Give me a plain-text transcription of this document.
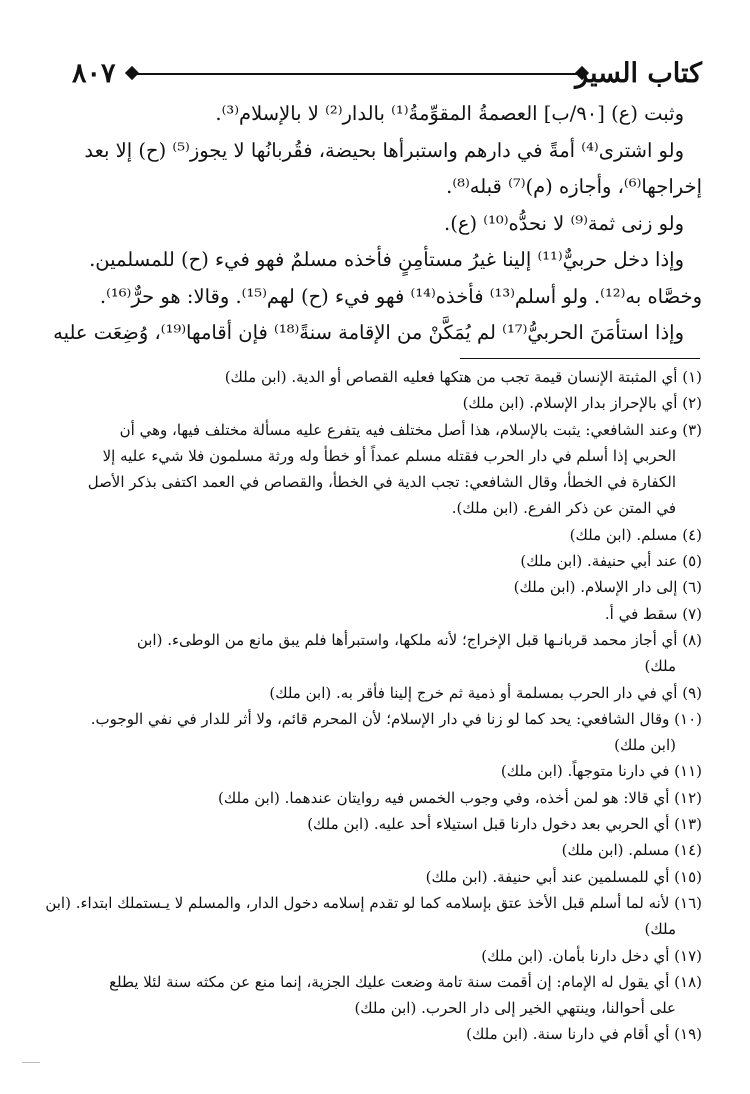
٨٠٧	كتاب السير
وثبت (ع) [٩٠/ب] العصمةُ المقوِّمةُ⁽¹⁾ بالدار⁽²⁾ لا بالإسلام⁽³⁾.
ولو اشترى⁽⁴⁾ أمةً في دارهم واستبرأها بحيضة، فقُربانُها لا يجوز⁽⁵⁾ (ح) إلا بعد
إخراجها⁽⁶⁾، وأجازه (م)⁽⁷⁾ قبله⁽⁸⁾.
ولو زنى ثمة⁽⁹⁾ لا نحدُّه⁽¹⁰⁾ (ع).
وإذا دخل حربيٌّ⁽¹¹⁾ إلينا غيرُ مستأمِنٍ فأخذه مسلمٌ فهو فيء (ح) للمسلمين.
وخصَّاه به⁽¹²⁾. ولو أسلم⁽¹³⁾ فأخذه⁽¹⁴⁾ فهو فيء (ح) لهم⁽¹⁵⁾. وقالا: هو حرٌّ⁽¹⁶⁾.
وإذا استأمَنَ الحربيُّ⁽¹⁷⁾ لم يُمَكَّنْ من الإقامة سنةً⁽¹⁸⁾ فإن أقامها⁽¹⁹⁾، وُضِعَت عليه
(١) أي المثبتة الإنسان قيمة تجب من هتكها فعليه القصاص أو الدية. (ابن ملك)
(٢) أي بالإحراز بدار الإسلام. (ابن ملك)
(٣) وعند الشافعي: يثبت بالإسلام، هذا أصل مختلف فيه يتفرع عليه مسألة مختلف فيها، وهي أن
الحربي إذا أسلم في دار الحرب فقتله مسلم عمداً أو خطأ وله ورثة مسلمون فلا شيء عليه إلا
الكفارة في الخطأ، وقال الشافعي: تجب الدية في الخطأ، والقصاص في العمد اكتفى بذكر الأصل
في المتن عن ذكر الفرع. (ابن ملك).
(٤) مسلم. (ابن ملك)
(٥) عند أبي حنيفة. (ابن ملك)
(٦) إلى دار الإسلام. (ابن ملك)
(٧) سقط في أ.
(٨) أي أجاز محمد قربانـها قبل الإخراج؛ لأنه ملكها، واستبرأها فلم يبق مانع من الوطىء. (ابن
ملك)
(٩) أي في دار الحرب بمسلمة أو ذمية ثم خرج إلينا فأقر به. (ابن ملك)
(١٠) وقال الشافعي: يحد كما لو زنا في دار الإسلام؛ لأن المحرم قائم، ولا أثر للدار في نفي الوجوب.
(ابن ملك)
(١١) في دارنا متوجهاً. (ابن ملك)
(١٢) أي قالا: هو لمن أخذه، وفي وجوب الخمس فيه روايتان عندهما. (ابن ملك)
(١٣) أي الحربي بعد دخول دارنا قبل استيلاء أحد عليه. (ابن ملك)
(١٤) مسلم. (ابن ملك)
(١٥) أي للمسلمين عند أبي حنيفة. (ابن ملك)
(١٦) لأنه لما أسلم قبل الأخذ عتق بإسلامه كما لو تقدم إسلامه دخول الدار، والمسلم لا يـستملك ابتداء. (ابن
ملك)
(١٧) أي دخل دارنا بأمان. (ابن ملك)
(١٨) أي يقول له الإمام: إن أقمت سنة تامة وضعت عليك الجزية، إنما منع عن مكثه سنة لئلا يطلع
على أحوالنا، وينتهي الخير إلى دار الحرب. (ابن ملك)
(١٩) أي أقام في دارنا سنة. (ابن ملك)
